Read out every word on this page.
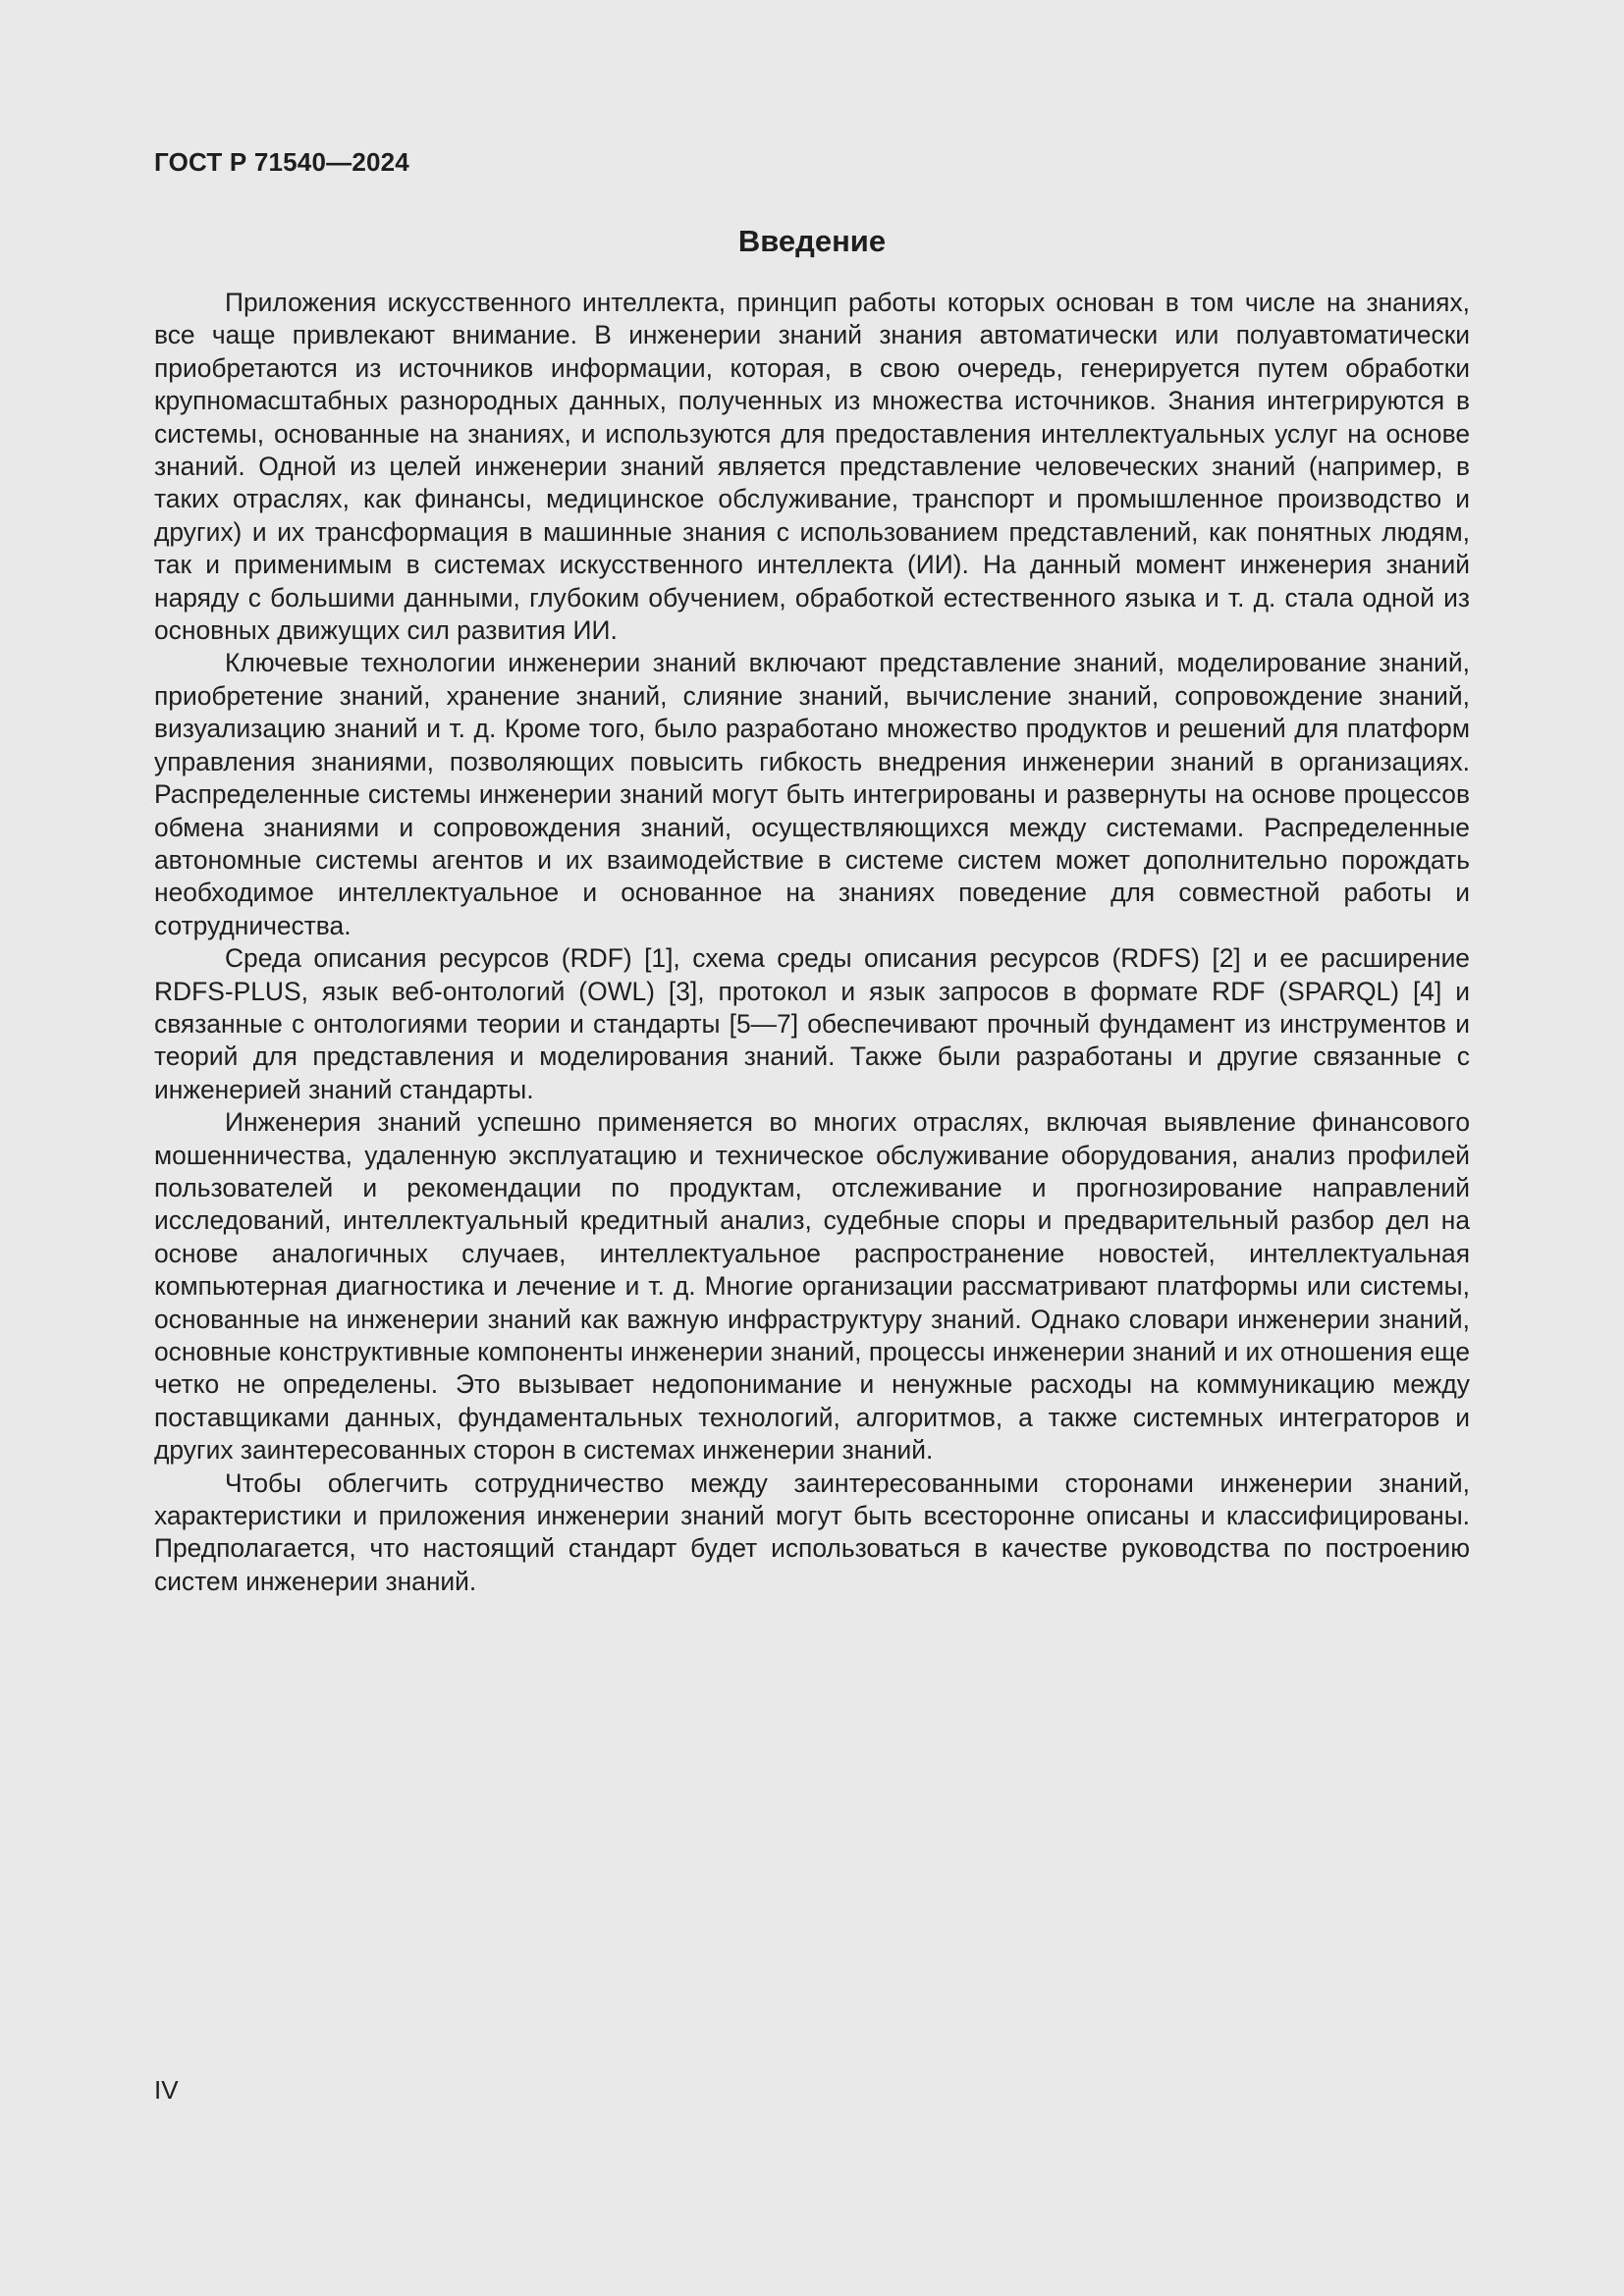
ГОСТ Р 71540—2024
Введение

Приложения искусственного интеллекта, принцип работы которых основан в том числе на знаниях, все чаще привлекают внимание. В инженерии знаний знания автоматически или полуавтоматически приобретаются из источников информации, которая, в свою очередь, генерируется путем обработки крупномасштабных разнородных данных, полученных из множества источников. Знания интегрируются в системы, основанные на знаниях, и используются для предоставления интеллектуальных услуг на основе знаний. Одной из целей инженерии знаний является представление человеческих знаний (например, в таких отраслях, как финансы, медицинское обслуживание, транспорт и промышленное производство и других) и их трансформация в машинные знания с использованием представлений, как понятных людям, так и применимым в системах искусственного интеллекта (ИИ). На данный момент инженерия знаний наряду с большими данными, глубоким обучением, обработкой естественного языка и т. д. стала одной из основных движущих сил развития ИИ.

Ключевые технологии инженерии знаний включают представление знаний, моделирование знаний, приобретение знаний, хранение знаний, слияние знаний, вычисление знаний, сопровождение знаний, визуализацию знаний и т. д. Кроме того, было разработано множество продуктов и решений для платформ управления знаниями, позволяющих повысить гибкость внедрения инженерии знаний в организациях. Распределенные системы инженерии знаний могут быть интегрированы и развернуты на основе процессов обмена знаниями и сопровождения знаний, осуществляющихся между системами. Распределенные автономные системы агентов и их взаимодействие в системе систем может дополнительно порождать необходимое интеллектуальное и основанное на знаниях поведение для совместной работы и сотрудничества.

Среда описания ресурсов (RDF) [1], схема среды описания ресурсов (RDFS) [2] и ее расширение RDFS-PLUS, язык веб-онтологий (OWL) [3], протокол и язык запросов в формате RDF (SPARQL) [4] и связанные с онтологиями теории и стандарты [5—7] обеспечивают прочный фундамент из инструментов и теорий для представления и моделирования знаний. Также были разработаны и другие связанные с инженерией знаний стандарты.

Инженерия знаний успешно применяется во многих отраслях, включая выявление финансового мошенничества, удаленную эксплуатацию и техническое обслуживание оборудования, анализ профилей пользователей и рекомендации по продуктам, отслеживание и прогнозирование направлений исследований, интеллектуальный кредитный анализ, судебные споры и предварительный разбор дел на основе аналогичных случаев, интеллектуальное распространение новостей, интеллектуальная компьютерная диагностика и лечение и т. д. Многие организации рассматривают платформы или системы, основанные на инженерии знаний как важную инфраструктуру знаний. Однако словари инженерии знаний, основные конструктивные компоненты инженерии знаний, процессы инженерии знаний и их отношения еще четко не определены. Это вызывает недопонимание и ненужные расходы на коммуникацию между поставщиками данных, фундаментальных технологий, алгоритмов, а также системных интеграторов и других заинтересованных сторон в системах инженерии знаний.

Чтобы облегчить сотрудничество между заинтересованными сторонами инженерии знаний, характеристики и приложения инженерии знаний могут быть всесторонне описаны и классифицированы. Предполагается, что настоящий стандарт будет использоваться в качестве руководства по построению систем инженерии знаний.

IV
